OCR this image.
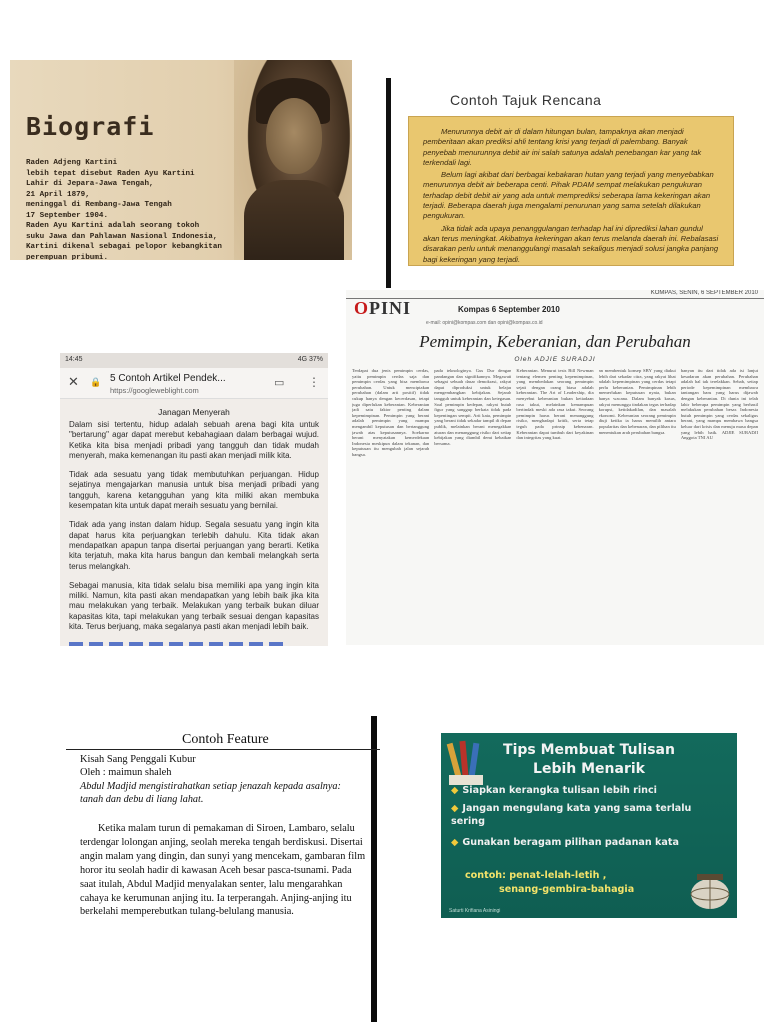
Biografi
Raden Adjeng Kartini
lebih tepat disebut Raden Ayu Kartini
Lahir di Jepara-Jawa Tengah,
21 April 1879,
meninggal di Rembang-Jawa Tengah
17 September 1904.
Raden Ayu Kartini adalah seorang tokoh
suku Jawa dan Pahlawan Nasional Indonesia,
Kartini dikenal sebagai pelopor kebangkitan
perempuan pribumi.
Contoh Tajuk Rencana

Menurunnya debit air di dalam hitungan bulan, tampaknya akan menjadi pemberitaan akan prediksi ahli tentang krisi yang terjadi di palembang. Banyak penyebab menurunnya debit air ini salah satunya adalah penebangan kar yang tak terkendali lagi.

Belum lagi akibat dari berbagai kebakaran hutan yang terjadi yang menyebabkan menurunnya debit air beberapa centi. Pihak PDAM sempat melakukan pengukuran terhadap debit debit air yang ada untuk memprediksi seberapa lama kekeringan akan terjadi. Beberapa daerah juga mengalami penurunan yang sama setelah dilakukan pengukuran.

Jika tidak ada upaya penanggulangan terhadap hal ini diprediksi lahan gundul akan terus meningkat. Akibatnya kekeringan akan terus melanda daerah ini. Rebalasasi disarakan perlu untuk menanggulangi masalah sekaligus menjadi solusi jangka panjang bagi kekeringan yang terjadi.

KOMPAS, SENIN, 6 SEPTEMBER 2010
OPINI	Kompas 6 September 2010
e-mail: opini@kompas.com dan opini@kompas.co.id
Pemimpin, Keberanian, dan Perubahan
Oleh ADJIE SURADJI
Terdapat dua jenis pemimpin cerdas, yaitu pemimpin cerdas saja dan pemimpin cerdas yang bisa membawa perubahan. Untuk menciptakan perubahan (dalam arti positif) tidak cukup hanya dengan kecerdasan, tetapi juga diperlukan keberanian. Keberanian jadi satu faktor penting dalam kepemimpinan. Pemimpin yang berani adalah pemimpin yang mampu mengambil keputusan dan bertanggung jawab atas keputusannya. Soekarno berani menyatakan kemerdekaan Indonesia meskipun dalam tekanan, dan keputusan itu mengubah jalan sejarah bangsa.
pada teknologinya. Gus Dur dengan pandangan dan signifikannya. Megawati sebagai sebuah dasar demokrasi, rakyat dapat diproduksi untuk belajar mengembangkan kebijakan. Sejarah tangguh untuk keberanian dan ketegasan. Soal pemimpin kedepan, rakyat butuh figur yang sanggup berkata tidak pada kepentingan sempit. Arti kata, pemimpin yang berani tidak sekadar tampil di depan publik, melainkan berani menegakkan aturan dan menanggung risiko dari setiap kebijakan yang diambil demi kebaikan bersama.
Keberanian. Menurut tesis Bill Newman tentang elemen penting kepemimpinan, yang membedakan seorang pemimpin sejati dengan orang biasa adalah keberanian. The Art of Leadership, dia menyebut keberanian bukan ketiadaan rasa takut, melainkan kemampuan bertindak meski ada rasa takut. Seorang pemimpin harus berani menanggung risiko, menghadapi kritik, serta tetap teguh pada prinsip kebenaran. Keberanian dapat tumbuh dari keyakinan dan integritas yang kuat.
an membentuk konsep SBY yang diakui lebih dari sekadar citra, yang rakyat lihat adalah kepemimpinan yang cerdas tetapi perlu keberanian. Pemimpinan lebih memerlukan keputusan nyata, bukan hanya wacana. Dalam banyak kasus, rakyat menunggu tindakan tegas terhadap korupsi, ketidakadilan, dan masalah ekonomi. Keberanian seorang pemimpin diuji ketika ia harus memilih antara popularitas dan kebenaran, dan pilihan itu menentukan arah perubahan bangsa.
banyan itu dari tidak ada isi lanjut kesadaran akan perubahan. Perubahan adalah hal tak terelakkan. Sebab, setiap periode kepemimpinan membawa tantangan baru yang harus dijawab dengan keberanian. Di dunia ini telah lahir beberapa pemimpin yang berhasil melakukan perubahan besar. Indonesia butuh pemimpin yang cerdas sekaligus berani, yang mampu membawa bangsa keluar dari krisis dan menuju masa depan yang lebih baik. ADJIE SURADJI Anggota TNI AU
14:45	4G 37%
✕ 🔒 5 Contoh Artikel Pendek...
https://googleweblight.com
▭ ⋮

Janagan Menyerah

Dalam sisi tertentu, hidup adalah sebuah arena bagi kita untuk "bertarung" agar dapat merebut kebahagiaan dalam berbagai wujud. Ketika kita bisa menjadi pribadi yang tangguh dan tidak mudah menyerah, maka kemenangan itu pasti akan menjadi milik kita.

Tidak ada sesuatu yang tidak membutuhkan perjuangan. Hidup sejatinya mengajarkan manusia untuk bisa menjadi pribadi yang tangguh, karena ketangguhan yang kita miliki akan membuka kesempatan kita untuk dapat meraih sesuatu yang bernilai.

Tidak ada yang instan dalam hidup. Segala sesuatu yang ingin kita dapat harus kita perjuangkan terlebih dahulu. Kita tidak akan mendapatkan apapun tanpa disertai perjuangan yang berarti. Ketika kita terjatuh, maka kita harus bangun dan kembali melangkah serta terus melangkah.

Sebagai manusia, kita tidak selalu bisa memiliki apa yang ingin kita miliki. Namun, kita pasti akan mendapatkan yang lebih baik jika kita mau melakukan yang terbaik. Melakukan yang terbaik bukan diluar kapasitas kita, tapi melakukan yang terbaik sesuai dengan kapasitas kita. Terus berjuang, maka segalanya pasti akan menjadi lebih baik.

Contoh Feature
Kisah Sang Penggali Kubur
Oleh : maimun shaleh
Abdul Madjid mengistirahatkan setiap jenazah kepada asalnya: tanah dan debu di liang lahat.
Ketika malam turun di pemakaman di Siroen, Lambaro, selalu terdengar lolongan anjing, seolah mereka tengah berdiskusi. Disertai angin malam yang dingin, dan sunyi yang mencekam, gambaran film horor itu seolah hadir di kawasan Aceh besar pasca-tsunami. Pada saat itulah, Abdul Madjid menyalakan senter, lalu mengarahkan cahaya ke kerumunan anjing itu. Ia terperangah. Anjing-anjing itu berkelahi memperebutkan tulang-belulang manusia.
Tips Membuat Tulisan
Lebih Menarik
◆ Siapkan kerangka tulisan lebih rinci
◆ Jangan mengulang kata yang sama terlalu sering
◆ Gunakan beragam pilihan padanan kata
contoh: penat-lelah-letih ,
senang-gembira-bahagia
Saturti Krifiana Asiningi
